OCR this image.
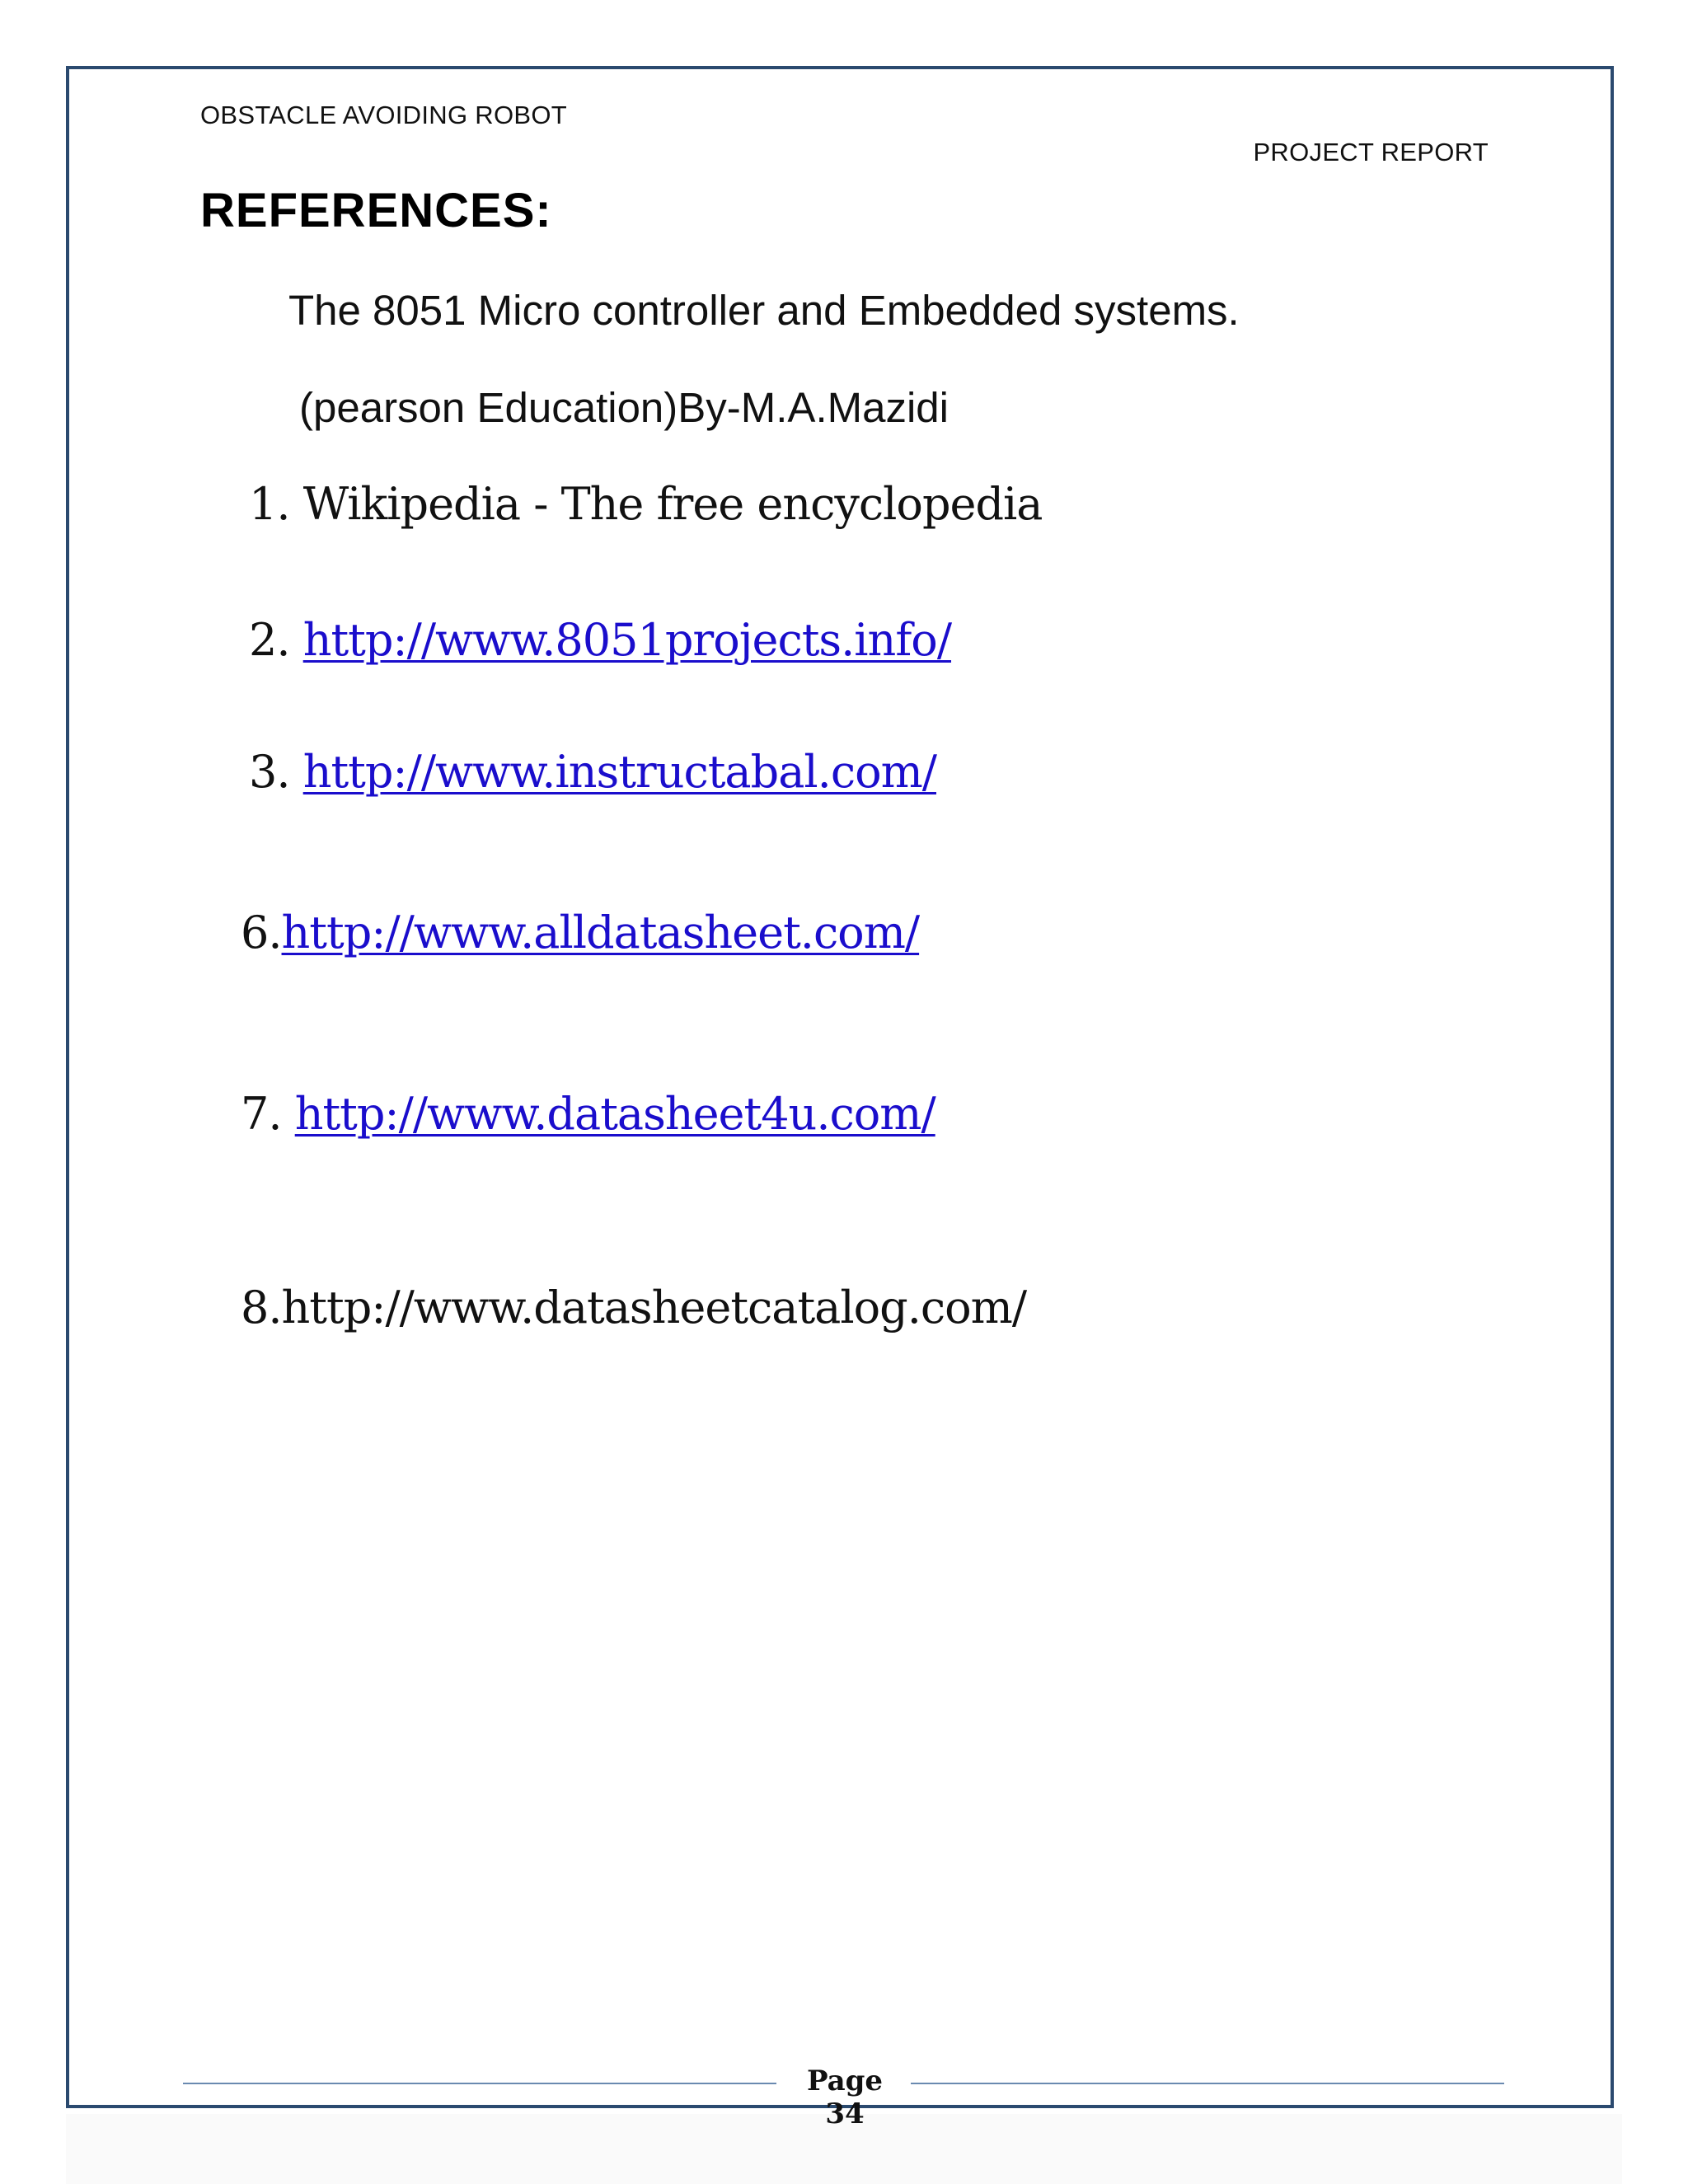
OBSTACLE AVOIDING ROBOT
PROJECT REPORT
REFERENCES:
The 8051 Micro controller and Embedded systems.
(pearson Education)By-M.A.Mazidi
1. Wikipedia - The free encyclopedia
2. http://www.8051projects.info/
3. http://www.instructabal.com/
6.http://www.alldatasheet.com/
7. http://www.datasheet4u.com/
8.http://www.datasheetcatalog.com/
Page 34
